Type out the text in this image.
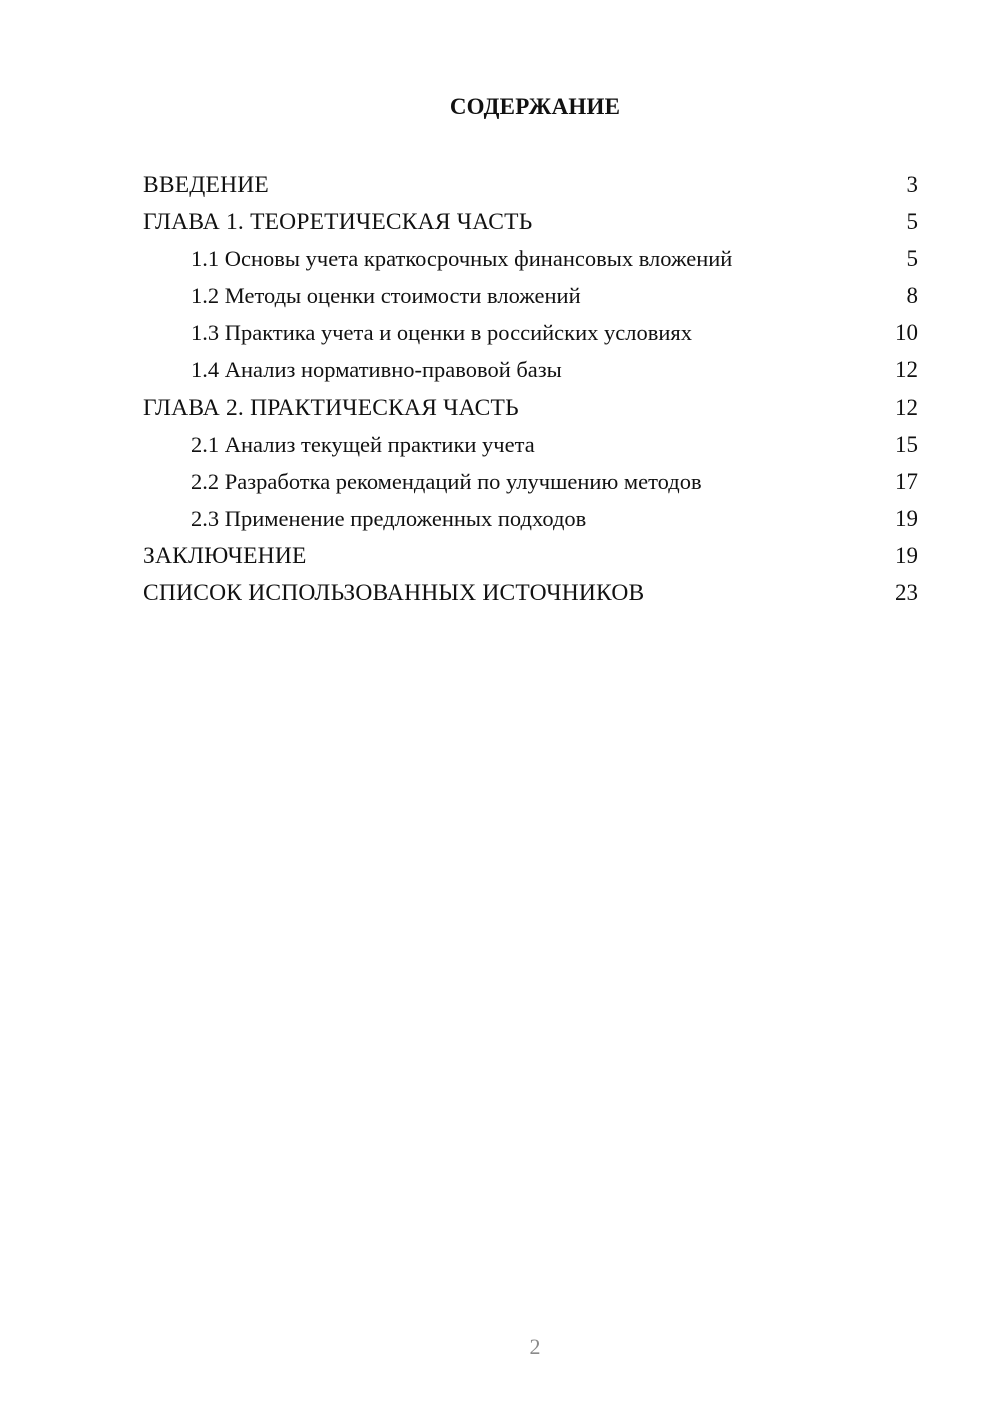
СОДЕРЖАНИЕ
ВВЕДЕНИЕ	3
ГЛАВА 1. ТЕОРЕТИЧЕСКАЯ ЧАСТЬ	5
1.1 Основы учета краткосрочных финансовых вложений	5
1.2 Методы оценки стоимости вложений	8
1.3 Практика учета и оценки в российских условиях	10
1.4 Анализ нормативно-правовой базы	12
ГЛАВА 2. ПРАКТИЧЕСКАЯ ЧАСТЬ	12
2.1 Анализ текущей практики учета	15
2.2 Разработка рекомендаций по улучшению методов	17
2.3 Применение предложенных подходов	19
ЗАКЛЮЧЕНИЕ	19
СПИСОК ИСПОЛЬЗОВАННЫХ ИСТОЧНИКОВ	23
2
